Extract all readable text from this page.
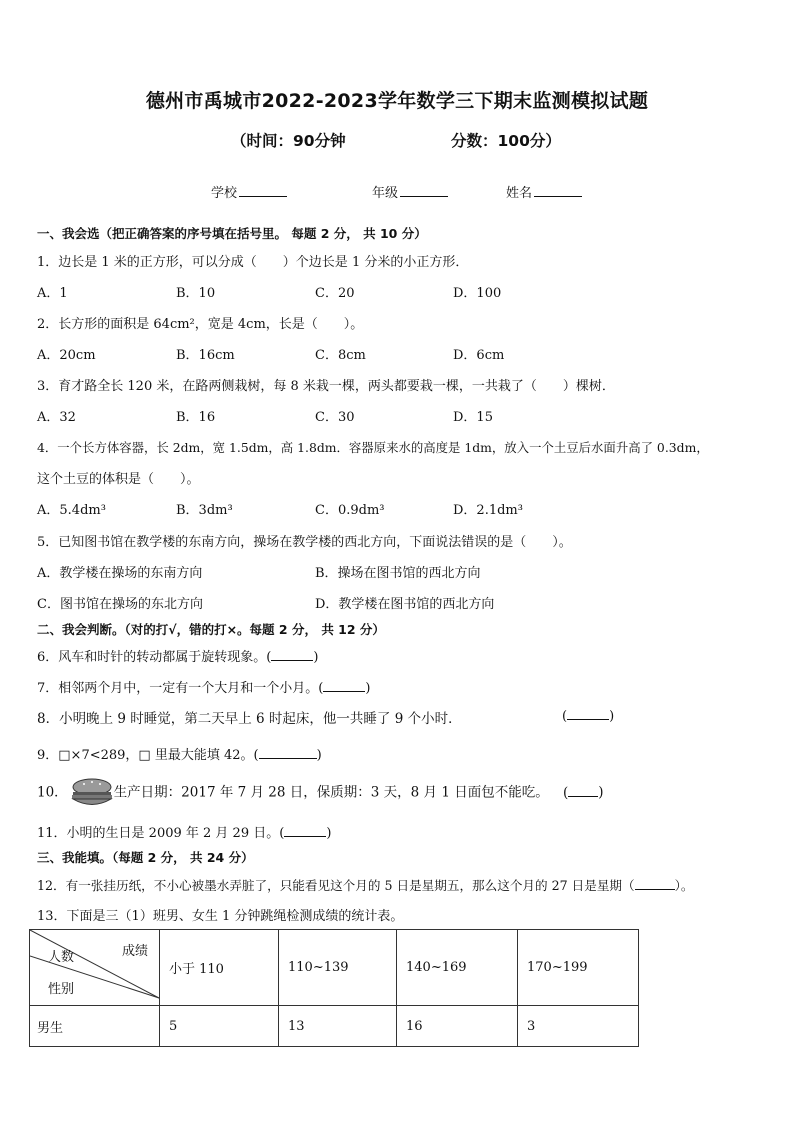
德州市禹城市2022-2023学年数学三下期末监测模拟试题
（时间：90分钟	分数：100分）
学校	年级	姓名
一、我会选（把正确答案的序号填在括号里。 每题 2 分， 共 10 分）
1．边长是 1 米的正方形，可以分成（　　）个边长是 1 分米的小正方形．
A．1	B．10	C．20	D．100
2．长方形的面积是 64cm²，宽是 4cm，长是（　　）。
A．20cm	B．16cm	C．8cm	D．6cm
3．育才路全长 120 米，在路两侧栽树，每 8 米栽一棵，两头都要栽一棵，一共栽了（　　）棵树．
A．32	B．16	C．30	D．15
4．一个长方体容器，长 2dm，宽 1.5dm，高 1.8dm．容器原来水的高度是 1dm，放入一个土豆后水面升高了 0.3dm，
这个土豆的体积是（　　）。
A．5.4dm³	B．3dm³	C．0.9dm³	D．2.1dm³
5．已知图书馆在教学楼的东南方向，操场在教学楼的西北方向，下面说法错误的是（　　）。
A．教学楼在操场的东南方向	B．操场在图书馆的西北方向
C．图书馆在操场的东北方向	D．教学楼在图书馆的西北方向
二、我会判断。（对的打√，错的打×。每题 2 分， 共 12 分）
6．风车和时针的转动都属于旋转现象。(	)
7．相邻两个月中，一定有一个大月和一个小月。(	)
8．小明晚上 9 时睡觉，第二天早上 6 时起床，他一共睡了 9 个小时．	(	)
9．□×7<289，□ 里最大能填 42。(	)
10．	生产日期：2017 年 7 月 28 日，保质期：3 天，8 月 1 日面包不能吃。 ( )
11．小明的生日是 2009 年 2 月 29 日。(	)
三、我能填。（每题 2 分， 共 24 分）
12．有一张挂历纸，不小心被墨水弄脏了，只能看见这个月的 5 日是星期五，那么这个月的 27 日是星期（	）。
13．下面是三（1）班男、女生 1 分钟跳绳检测成绩的统计表。
成绩
人数
性别	小于 110	110~139	140~169	170~199
男生	5	13	16	3
